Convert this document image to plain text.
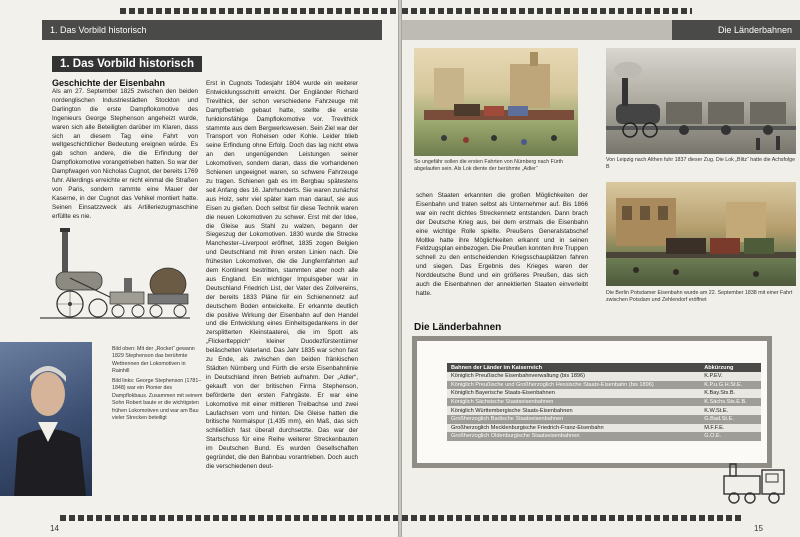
1. Das Vorbild historisch
1. Das Vorbild historisch
Geschichte der Eisenbahn
Als am 27. September 1825 zwischen den beiden nordenglischen Industriestädten Stockton und Darlington die erste Dampflokomotive des Ingenieurs George Stephenson angeheizt wurde, waren sich alle Beteiligten darüber im Klaren, dass sich an diesem Tag eine Fahrt von weltgeschichtlicher Bedeutung ereignen würde. Es gab schon andere, die die Erfindung der Dampflokomotive vorangetrieben hatten. So war der Dampfwagen von Nicholas Cugnot, der bereits 1769 fuhr. Allerdings erreichte er nicht einmal die Straßen von Paris, sondern rammte eine Mauer der Kaserne, in der Cugnot das Vehikel montiert hatte. Seinen Einsatzzweck als Artilleriezugmaschine erfüllte es nie.
Erst in Cugnots Todesjahr 1804 wurde ein weiterer Entwicklungsschritt erreicht. Der Engländer Richard Trevithick, der schon verschiedene Fahrzeuge mit Dampfbetrieb gebaut hatte, stellte die erste funktionsfähige Dampflokomotive vor. Trevithick stammte aus dem Bergwerkswesen. Sein Ziel war der Transport von Roheisen oder Kohle. Leider blieb seine Erfindung ohne Erfolg. Doch das lag nicht etwa an den ungenügenden Leistungen seiner Lokomotiven, sondern daran, dass die vorhandenen Schienen ungeeignet waren, so schwere Fahrzeuge zu tragen. Schienen gab es im Bergbau spätestens seit Anfang des 16. Jahrhunderts. Sie waren zunächst aus Holz, sehr viel später kam man darauf, sie aus Eisen zu gießen. Doch selbst für diese Technik waren die neuen Lokomotiven zu schwer. Erst mit der Idee, die Gleise aus Stahl zu walzen, begann der Siegeszug der Lokomotiven. 1830 wurde die Strecke Manchester–Liverpool eröffnet, 1835 zogen Belgien und Deutschland mit ihren ersten Linien nach. Die frühesten Lokomotiven, die die Jungfernfahrten auf dem Kontinent bestritten, stammten aber noch alle aus England. Ein wichtiger Impulsgeber war in Deutschland Friedrich List, der Vater des Zollvereins, der bereits 1833 Pläne für ein Schienennetz auf deutschem Boden entwickelte. Er erkannte deutlich die positive Wirkung der Eisenbahn auf den Handel und die Entwicklung eines Einheitsgedankens in der zersplitterten Kleinstaaterei, die im Spott als „Flickerlteppich“ kleiner Duodezfürstentümer beläschelten Vaterland. Das Jahr 1835 war schon fast zu Ende, als zwischen den beiden fränkischen Städten Nürnberg und Fürth die erste Eisenbahnlinie in Deutschland ihren Betrieb aufnahm. Der „Adler“, gekauft von der britischen Firma Stephenson, beförderte den ersten Fahrgäste. Er war eine Lokomotive mit einer mittleren Treibachse und zwei Laufachsen vorn und hinten. Die Gleise hatten die britische Normalspur (1,435 mm), ein Maß, das sich schließlich fast überall durchsetzte. Das war der Startschuss für eine Reihe weiterer Streckenbauten im Deutschen Bund. Es wurden Gesellschaften gegründet, die den Bahnbau vorantrieben. Doch auch die verschiedenen deut-
Bild oben: Mit der „Rocket“ gewann 1829 Stephenson das berühmte Wettrennen der Lokomotiven in Rainhill
Bild links: George Stephenson (1781–1848) war ein Pionier des Dampflokbaus. Zusammen mit seinem Sohn Robert baute er die wichtigsten frühen Lokomotiven und war am Bau vieler Strecken beteiligt
14
Die Länderbahnen
So ungefähr sollen die ersten Fahrten von Nürnberg nach Fürth abgelaufen sein. Als Lok diente der berühmte „Adler“
Von Leipzig nach Althen fuhr 1837 dieser Zug. Die Lok „Blitz“ hatte die Achsfolge B
schen Staaten erkannten die großen Möglichkeiten der Eisenbahn und traten selbst als Unternehmer auf. Bis 1866 war ein recht dichtes Streckennetz entstanden. Dann brach der Deutsche Krieg aus, bei dem erstmals die Eisenbahn eine wichtige Rolle spielte. Preußens Generalstabschef Moltke hatte ihre Möglichkeiten erkannt und in seinen Feldzugsplan einbezogen. Die Preußen konnten ihre Truppen schnell zu den entscheidenden Kriegsschauplätzen fahren und siegen. Das Ergebnis des Krieges waren der Norddeutsche Bund und ein größeres Preußen, das sich auch die Eisenbahnen der annektierten Staaten einverleibt hatte.	Die Berlin Potsdamer Eisenbahn wurde am 22. September 1838 mit einer Fahrt zwischen Potsdam und Zehlendorf eröffnet
Die Länderbahnen
Bahnen der Länder im Kaiserreich	Abkürzung
Königlich Preußische Eisenbahnverwaltung (bis 1896)	K.P.EV.
Königlich Preußische und Großherzoglich Hessische Staats-Eisenbahn (bis 1896)	K.P.u.G.H.St.E.
Königlich Bayerische Staats-Eisenbahnen	K.Bay.Sts.B.
Königlich Sächsische Staatseisenbahnen	K.Sächs.Sts.E.B.
Königlich Württembergische Staats-Eisenbahnen	K.W.St.E.
Großherzoglich Badische Staatseisenbahnen	G.Bad.St.E.
Großherzoglich Mecklenburgische Friedrich-Franz-Eisenbahn	M.F.F.E.
Großherzoglich Oldenburgische Staatseisenbahnen	G.O.E.
15
